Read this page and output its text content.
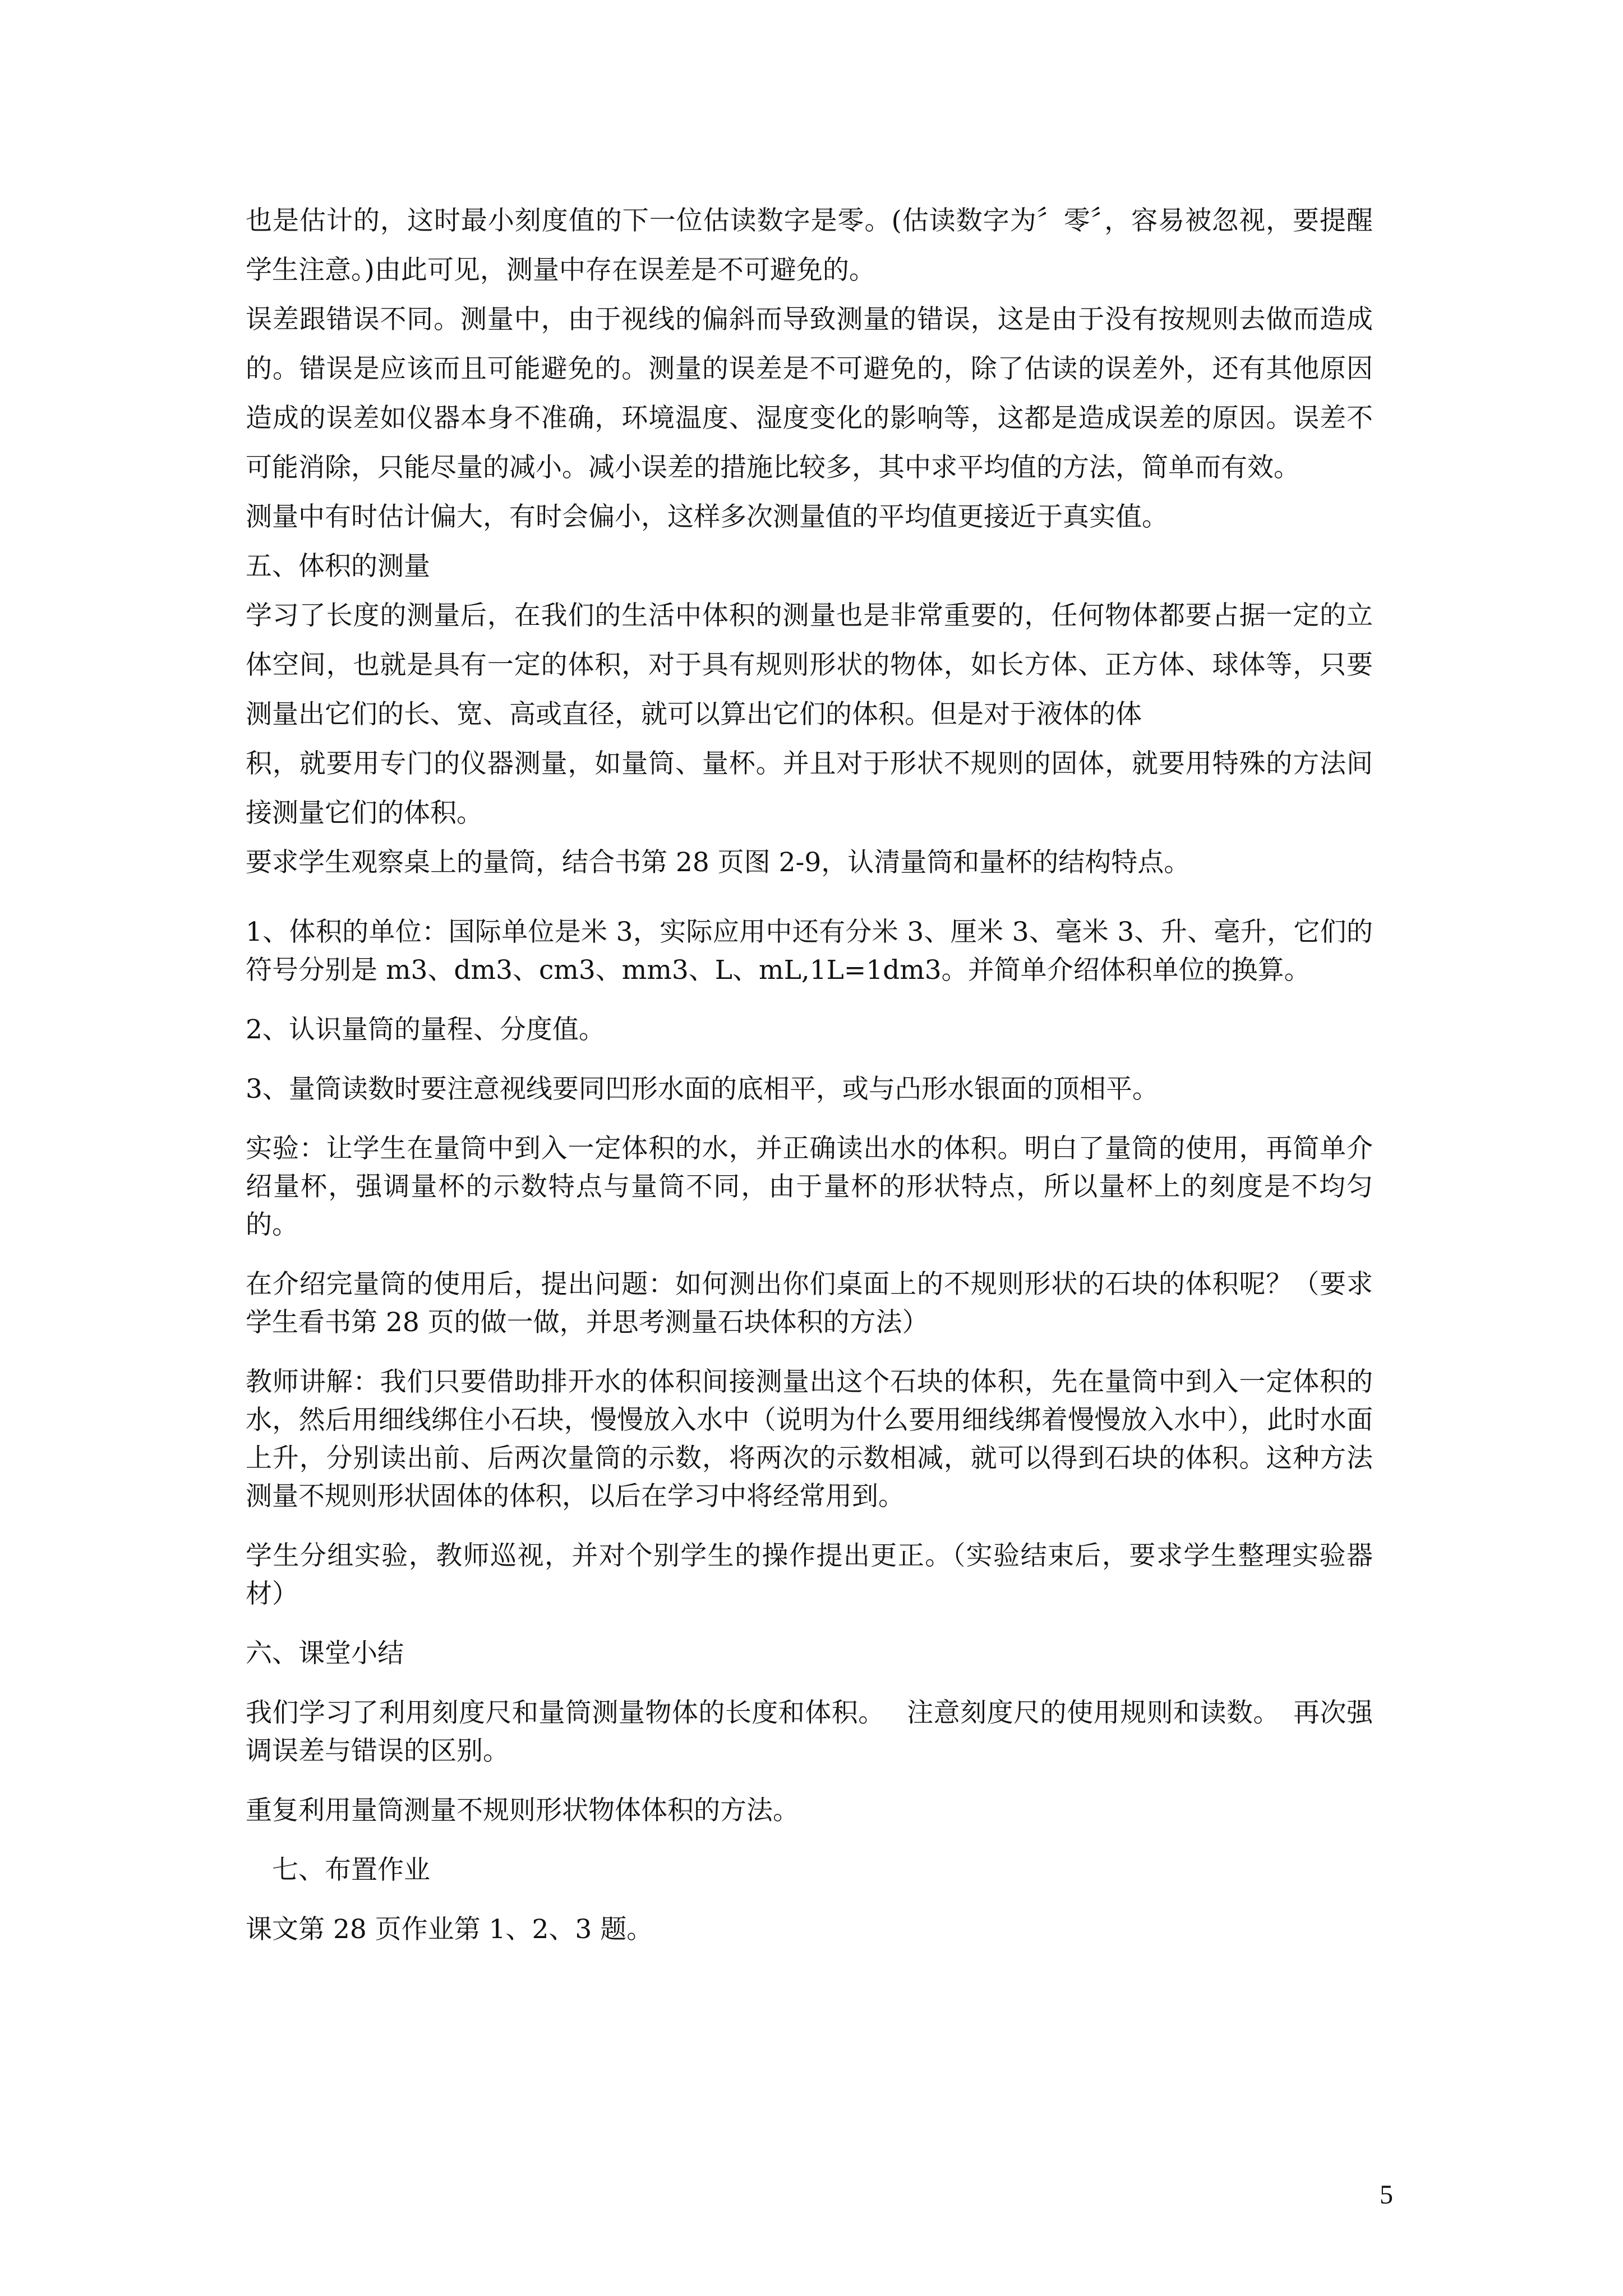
也是估计的，这时最小刻度值的下一位估读数字是零。(估读数字为〞零〞，容易被忽视，要提醒学生注意。)由此可见，测量中存在误差是不可避免的。

误差跟错误不同。测量中，由于视线的偏斜而导致测量的错误，这是由于没有按规则去做而造成的。错误是应该而且可能避免的。测量的误差是不可避免的，除了估读的误差外，还有其他原因造成的误差如仪器本身不准确，环境温度、湿度变化的影响等，这都是造成误差的原因。误差不可能消除，只能尽量的减小。减小误差的措施比较多，其中求平均值的方法，简单而有效。

测量中有时估计偏大，有时会偏小，这样多次测量值的平均值更接近于真实值。

五、体积的测量

学习了长度的测量后，在我们的生活中体积的测量也是非常重要的，任何物体都要占据一定的立体空间，也就是具有一定的体积，对于具有规则形状的物体，如长方体、正方体、球体等，只要测量出它们的长、宽、高或直径，就可以算出它们的体积。但是对于液体的体

积，就要用专门的仪器测量，如量筒、量杯。并且对于形状不规则的固体，就要用特殊的方法间接测量它们的体积。

要求学生观察桌上的量筒，结合书第 28 页图 2-9，认清量筒和量杯的结构特点。

1、体积的单位：国际单位是米 3，实际应用中还有分米 3、厘米 3、毫米 3、升、毫升，它们的符号分别是 m3、dm3、cm3、mm3、L、mL,1L=1dm3。并简单介绍体积单位的换算。

2、认识量筒的量程、分度值。

3、量筒读数时要注意视线要同凹形水面的底相平，或与凸形水银面的顶相平。

实验：让学生在量筒中到入一定体积的水，并正确读出水的体积。明白了量筒的使用，再简单介绍量杯，强调量杯的示数特点与量筒不同，由于量杯的形状特点，所以量杯上的刻度是不均匀的。

在介绍完量筒的使用后，提出问题：如何测出你们桌面上的不规则形状的石块的体积呢？（要求学生看书第 28 页的做一做，并思考测量石块体积的方法）

教师讲解：我们只要借助排开水的体积间接测量出这个石块的体积，先在量筒中到入一定体积的水，然后用细线绑住小石块，慢慢放入水中（说明为什么要用细线绑着慢慢放入水中），此时水面上升，分别读出前、后两次量筒的示数，将两次的示数相减，就可以得到石块的体积。这种方法测量不规则形状固体的体积，以后在学习中将经常用到。

学生分组实验，教师巡视，并对个别学生的操作提出更正。（实验结束后，要求学生整理实验器材）

六、课堂小结

我们学习了利用刻度尺和量筒测量物体的长度和体积。　 注意刻度尺的使用规则和读数。　再次强调误差与错误的区别。

重复利用量筒测量不规则形状物体体积的方法。

　七、布置作业

课文第 28 页作业第 1、2、3 题。

5
